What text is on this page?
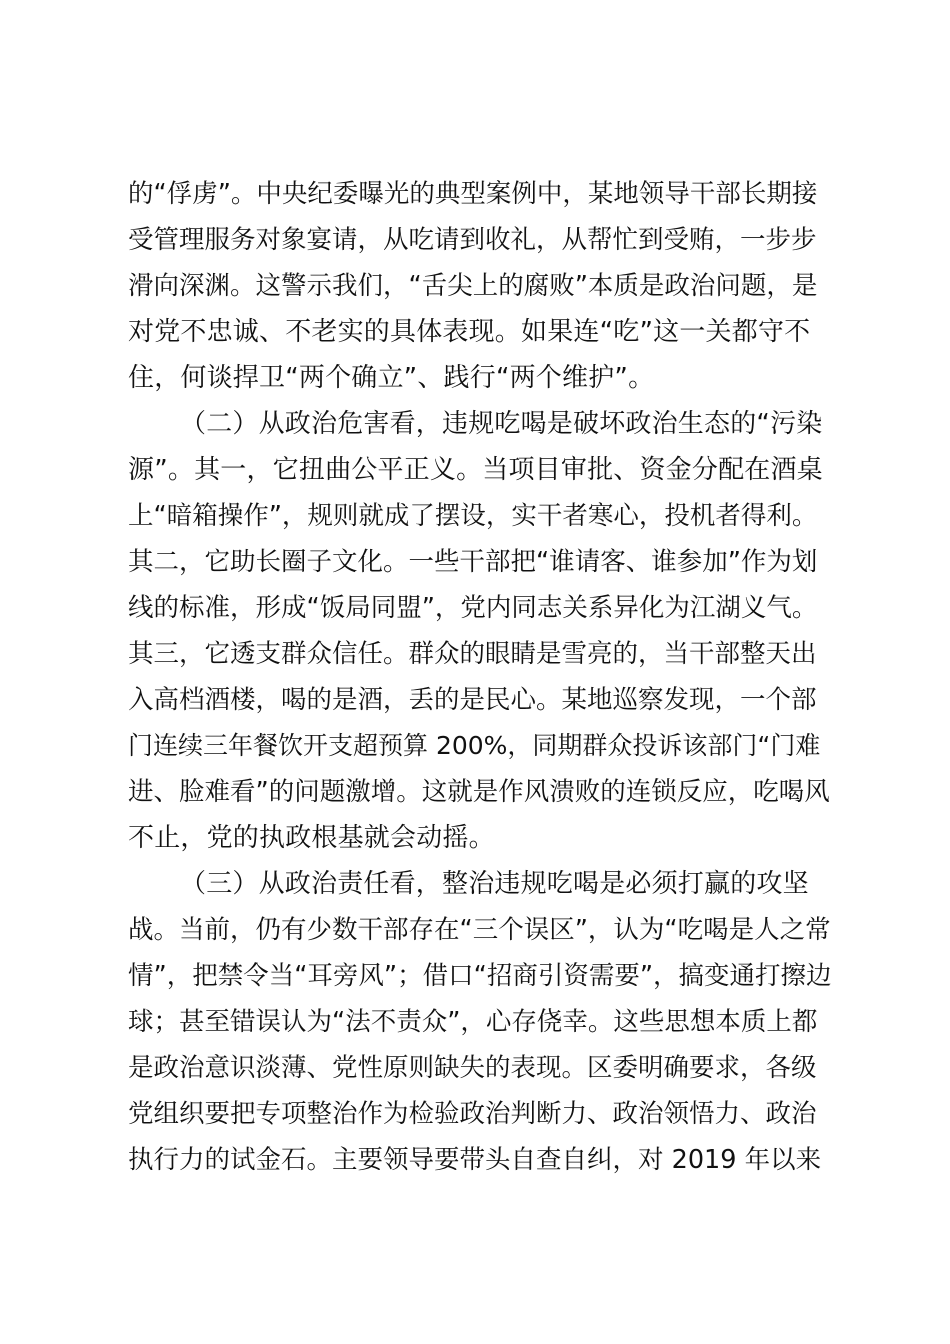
的“俘虏”。中央纪委曝光的典型案例中，某地领导干部长期接
受管理服务对象宴请，从吃请到收礼，从帮忙到受贿，一步步
滑向深渊。这警示我们，“舌尖上的腐败”本质是政治问题，是
对党不忠诚、不老实的具体表现。如果连“吃”这一关都守不
住，何谈捍卫“两个确立”、践行“两个维护”。
（二）从政治危害看，违规吃喝是破坏政治生态的“污染
源”。其一，它扭曲公平正义。当项目审批、资金分配在酒桌
上“暗箱操作”，规则就成了摆设，实干者寒心，投机者得利。
其二，它助长圈子文化。一些干部把“谁请客、谁参加”作为划
线的标准，形成“饭局同盟”，党内同志关系异化为江湖义气。
其三，它透支群众信任。群众的眼睛是雪亮的，当干部整天出
入高档酒楼，喝的是酒，丢的是民心。某地巡察发现，一个部
门连续三年餐饮开支超预算 200%，同期群众投诉该部门“门难
进、脸难看”的问题激增。这就是作风溃败的连锁反应，吃喝风
不止，党的执政根基就会动摇。
（三）从政治责任看，整治违规吃喝是必须打赢的攻坚
战。当前，仍有少数干部存在“三个误区”，认为“吃喝是人之常
情”，把禁令当“耳旁风”；借口“招商引资需要”，搞变通打擦边
球；甚至错误认为“法不责众”，心存侥幸。这些思想本质上都
是政治意识淡薄、党性原则缺失的表现。区委明确要求，各级
党组织要把专项整治作为检验政治判断力、政治领悟力、政治
执行力的试金石。主要领导要带头自查自纠，对 2019 年以来
